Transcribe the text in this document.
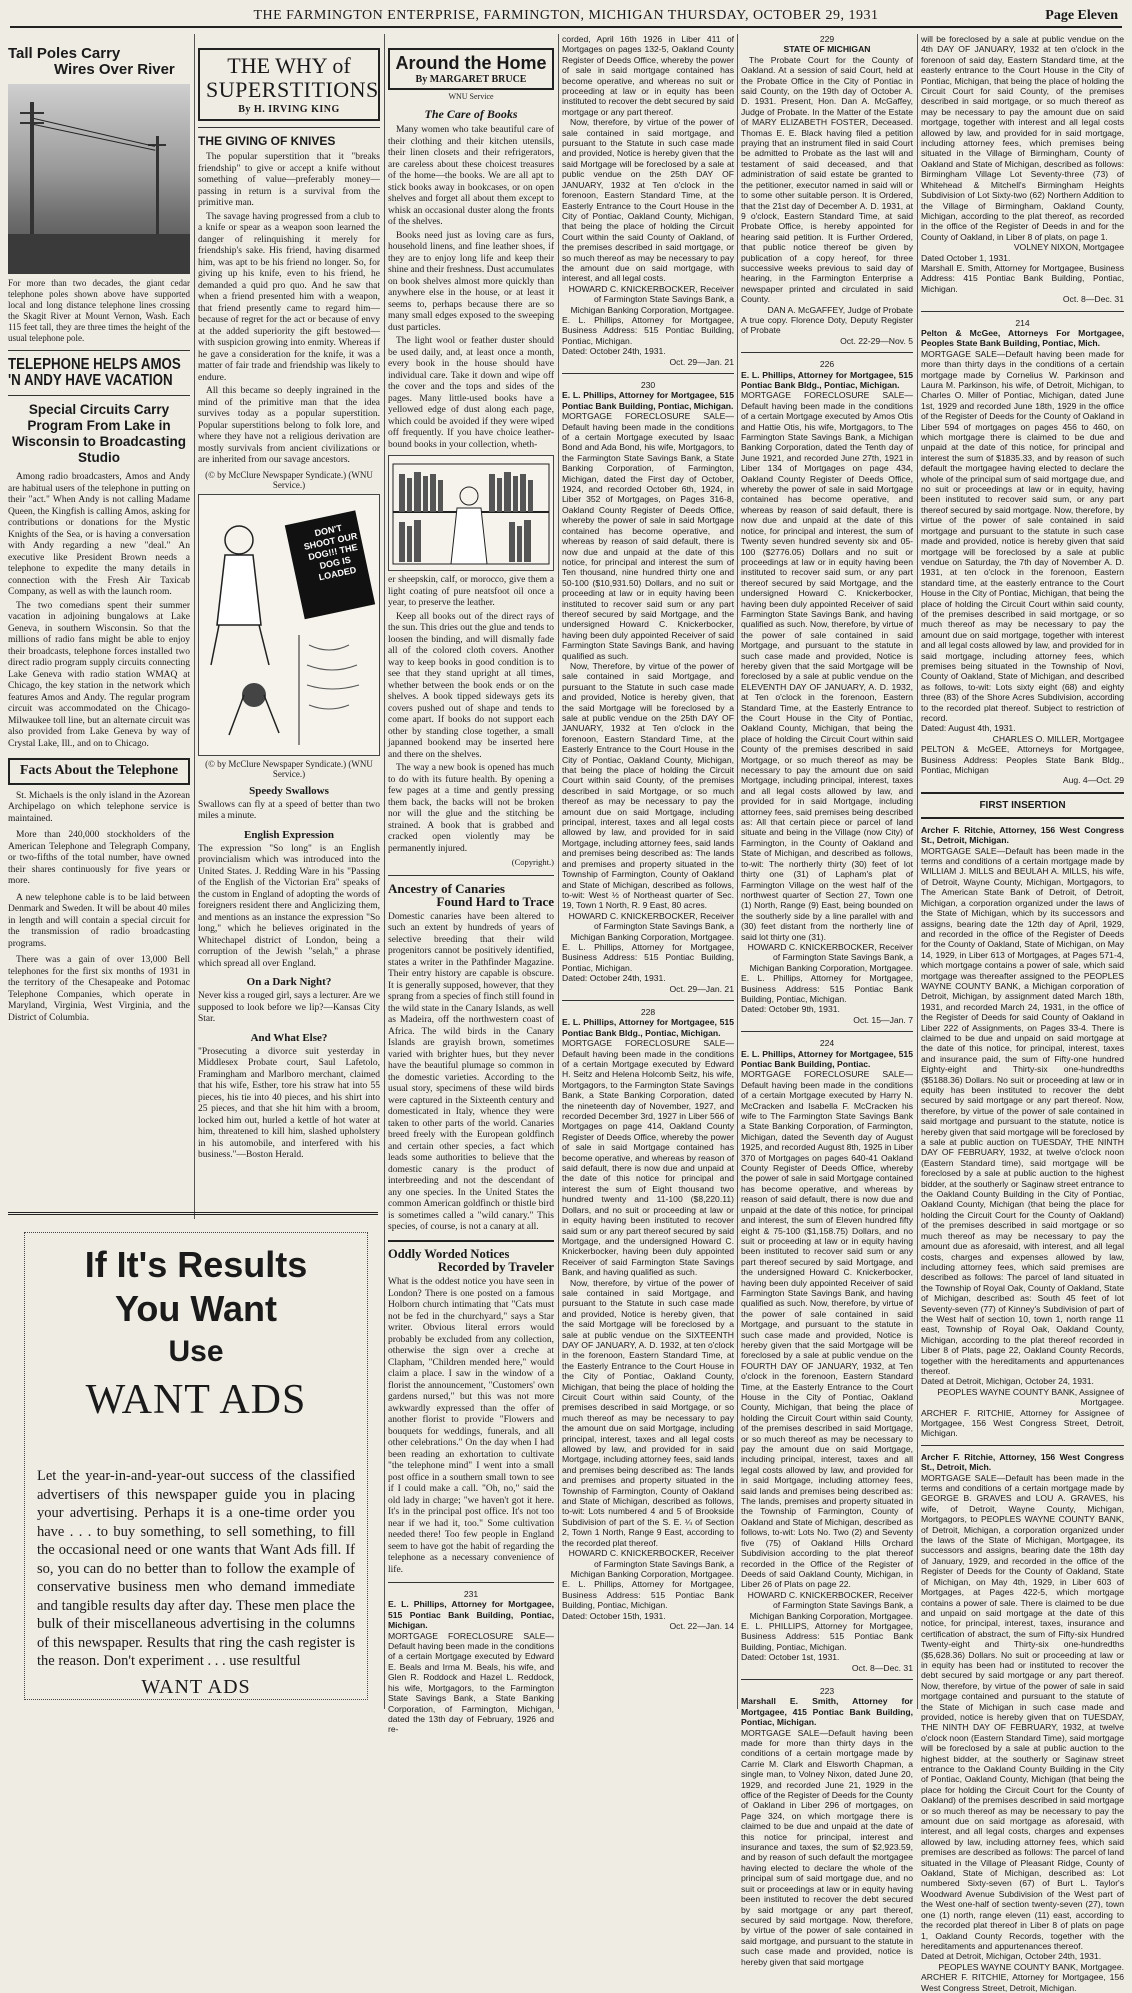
THE FARMINGTON ENTERPRISE, FARMINGTON, MICHIGAN THURSDAY, OCTOBER 29, 1931	Page Eleven
Tall Poles Carry
Wires Over River
For more than two decades, the giant cedar telephone poles shown above have supported local and long distance telephone lines crossing the Skagit River at Mount Vernon, Wash. Each 115 feet tall, they are three times the height of the usual telephone pole.
TELEPHONE HELPS AMOS
'N ANDY HAVE VACATION
Special Circuits Carry Program From Lake in Wisconsin to Broadcasting Studio

Among radio broadcasters, Amos and Andy are habitual users of the telephone in putting on their "act." When Andy is not calling Madame Queen, the Kingfish is calling Amos, asking for contributions or donations for the Mystic Knights of the Sea, or is having a conversation with Andy regarding a new "deal." An executive like President Brown needs a telephone to expedite the many details in connection with the Fresh Air Taxicab Company, as well as with the launch room.

The two comedians spent their summer vacation in adjoining bungalows at Lake Geneva, in southern Wisconsin. So that the millions of radio fans might be able to enjoy their broadcasts, telephone forces installed two direct radio program supply circuits connecting Lake Geneva with radio station WMAQ at Chicago, the key station in the network which features Amos and Andy. The regular program circuit was accommodated on the Chicago-Milwaukee toll line, but an alternate circuit was also provided from Lake Geneva by way of Crystal Lake, Ill., and on to Chicago.

Facts About the Telephone

St. Michaels is the only island in the Azorean Archipelago on which telephone service is maintained.

More than 240,000 stockholders of the American Telephone and Telegraph Company, or two-fifths of the total number, have owned their shares continuously for five years or more.

A new telephone cable is to be laid between Denmark and Sweden. It will be about 40 miles in length and will contain a special circuit for the transmission of radio broadcasting programs.

There was a gain of over 13,000 Bell telephones for the first six months of 1931 in the territory of the Chesapeake and Potomac Telephone Companies, which operate in Maryland, Virginia, West Virginia, and the District of Columbia.

THE WHY of
SUPERSTITIONS
By H. IRVING KING
THE GIVING OF KNIVES

The popular superstition that it "breaks friendship" to give or accept a knife without something of value—preferably money—passing in return is a survival from the primitive man.

The savage having progressed from a club to a knife or spear as a weapon soon learned the danger of relinquishing it merely for friendship's sake. His friend, having disarmed him, was apt to be his friend no longer. So, for giving up his knife, even to his friend, he demanded a quid pro quo. And he saw that when a friend presented him with a weapon, that friend presently came to regard him—because of regret for the act or because of envy at the added superiority the gift bestowed—with suspicion growing into enmity. Whereas if he gave a consideration for the knife, it was a matter of fair trade and friendship was likely to endure.

All this became so deeply ingrained in the mind of the primitive man that the idea survives today as a popular superstition. Popular superstitions belong to folk lore, and where they have not a religious derivation are mostly survivals from ancient civilizations or are inherited from our savage ancestors.

(© by McClure Newspaper Syndicate.) (WNU Service.)
DON'T SHOOT OUR DOG!!! THE DOG IS LOADED
(© by McClure Newspaper Syndicate.) (WNU Service.)
Speedy Swallows
Swallows can fly at a speed of better than two miles a minute.
English Expression
The expression "So long" is an English provincialism which was introduced into the United States. J. Redding Ware in his "Passing of the English of the Victorian Era" speaks of the custom in England of adopting the words of foreigners resident there and Anglicizing them, and mentions as an instance the expression "So long," which he believes originated in the Whitechapel district of London, being a corruption of the Jewish "selah," a phrase which spread all over England.
On a Dark Night?
Never kiss a rouged girl, says a lecturer. Are we supposed to look before we lip?—Kansas City Star.
And What Else?
"Prosecuting a divorce suit yesterday in Middlesex Probate court, Saul Lafetolo, Framingham and Marlboro merchant, claimed that his wife, Esther, tore his straw hat into 55 pieces, his tie into 40 pieces, and his shirt into 25 pieces, and that she hit him with a broom, locked him out, hurled a kettle of hot water at him, threatened to kill him, slashed upholstery in his automobile, and interfered with his business."—Boston Herald.
If It's Results
You Want
Use
WANT ADS
Let the year-in-and-year-out success of the classified advertisers of this newspaper guide you in placing your advertising. Perhaps it is a one-time order you have . . . to buy something, to sell something, to fill the occasional need or one wants that Want Ads fill. If so, you can do no better than to follow the example of conservative business men who demand immediate and tangible results day after day. These men place the bulk of their miscellaneous advertising in the columns of this newspaper. Results that ring the cash register is the reason. Don't experiment . . . use resultful
WANT ADS
Around the Home
By MARGARET BRUCE
WNU Service
The Care of Books

Many women who take beautiful care of their clothing and their kitchen utensils, their linen closets and their refrigerators, are careless about these choicest treasures of the home—the books. We are all apt to stick books away in bookcases, or on open shelves and forget all about them except to whisk an occasional duster along the fronts of the shelves.

Books need just as loving care as furs, household linens, and fine leather shoes, if they are to enjoy long life and keep their shine and their freshness. Dust accumulates on book shelves almost more quickly than anywhere else in the house, or at least it seems to, perhaps because there are so many small edges exposed to the sweeping dust particles.

The light wool or feather duster should be used daily, and, at least once a month, every book in the house should have individual care. Take it down and wipe off the cover and the tops and sides of the pages. Many little-used books have a yellowed edge of dust along each page, which could be avoided if they were wiped off frequently. If you have choice leather-bound books in your collection, wheth-

er sheepskin, calf, or morocco, give them a light coating of pure neatsfoot oil once a year, to preserve the leather.

Keep all books out of the direct rays of the sun. This dries out the glue and tends to loosen the binding, and will dismally fade all of the colored cloth covers. Another way to keep books in good condition is to see that they stand upright at all times, whether between the book ends or on the shelves. A book tipped sideways gets its covers pushed out of shape and tends to come apart. If books do not support each other by standing close together, a small japanned bookend may be inserted here and there on the shelves.

The way a new book is opened has much to do with its future health. By opening a few pages at a time and gently pressing them back, the backs will not be broken nor will the glue and the stitching be strained. A book that is grabbed and cracked open violently may be permanently injured.

(Copyright.)
Ancestry of Canaries
Found Hard to Trace
Domestic canaries have been altered to such an extent by hundreds of years of selective breeding that their wild progenitors cannot be positively identified, states a writer in the Pathfinder Magazine. Their entry history are capable is obscure. It is generally supposed, however, that they sprang from a species of finch still found in the wild state in the Canary Islands, as well as Madeira, off the northwestern coast of Africa. The wild birds in the Canary Islands are grayish brown, sometimes varied with brighter hues, but they never have the beautiful plumage so common in the domestic varieties. According to the usual story, specimens of these wild birds were captured in the Sixteenth century and domesticated in Italy, whence they were taken to other parts of the world. Canaries breed freely with the European goldfinch and certain other species, a fact which leads some authorities to believe that the domestic canary is the product of interbreeding and not the descendant of any one species. In the United States the common American goldfinch or thistle bird is sometimes called a "wild canary." This species, of course, is not a canary at all.
Oddly Worded Notices
Recorded by Traveler
What is the oddest notice you have seen in London? There is one posted on a famous Holborn church intimating that "Cats must not be fed in the churchyard," says a Star writer. Obvious literal errors would probably be excluded from any collection, otherwise the sign over a creche at Clapham, "Children mended here," would claim a place. I saw in the window of a florist the announcement, "Customers' own gardens nursed," but this was not more awkwardly expressed than the offer of another florist to provide "Flowers and bouquets for weddings, funerals, and all other celebrations." On the day when I had been reading an exhortation to cultivate "the telephone mind" I went into a small post office in a southern small town to see if I could make a call. "Oh, no," said the old lady in charge; "we haven't got it here. It's in the principal post office. It's not too near if we had it, too." Some cultivation needed there! Too few people in England seem to have got the habit of regarding the telephone as a necessary convenience of life.
231
E. L. Phillips, Attorney for Mortgagee, 515 Pontiac Bank Building, Pontiac, Michigan.
MORTGAGE FORECLOSURE SALE—Default having been made in the conditions of a certain Mortgage executed by Edward E. Beals and Irma M. Beals, his wife, and Glen R. Roddock and Hazel L. Reddock, his wife, Mortgagors, to the Farmington State Savings Bank, a State Banking Corporation, of Farmington, Michigan, dated the 13th day of February, 1926 and re-
corded, April 16th 1926 in Liber 411 of Mortgages on pages 132-5, Oakland County Register of Deeds Office, whereby the power of sale in said mortgage contained has become operative, and whereas no suit or proceeding at law or in equity has been instituted to recover the debt secured by said mortgage or any part thereof.
Now, therefore, by virtue of the power of sale contained in said mortgage, and pursuant to the Statute in such case made and provided, Notice is hereby given that the said Mortgage will be foreclosed by a sale at public vendue on the 25th DAY OF JANUARY, 1932 at Ten o'clock in the forenoon, Eastern Standard Time, at the Easterly Entrance to the Court House in the City of Pontiac, Oakland County, Michigan, that being the place of holding the Circuit Court within the said County of Oakland, of the premises described in said mortgage, or so much thereof as may be necessary to pay the amount due on said mortgage, with interest, and all legal costs.
HOWARD C. KNICKERBOCKER, Receiver of Farmington State Savings Bank, a Michigan Banking Corporation, Mortgagee.
E. L. Phillips, Attorney for Mortgagee, Business Address: 515 Pontiac Building, Pontiac, Michigan.
Dated: October 24th, 1931.
Oct. 29—Jan. 21
230
E. L. Phillips, Attorney for Mortgagee, 515 Pontiac Bank Building, Pontiac, Michigan.
MORTGAGE FORECLOSURE SALE—Default having been made in the conditions of a certain Mortgage executed by Isaac Bond and Ada Bond, his wife, Mortgagors, to the Farmington State Savings Bank, a State Banking Corporation, of Farmington, Michigan, dated the First day of October, 1924, and recorded October 6th, 1924, in Liber 352 of Mortgages, on Pages 316-8, Oakland County Register of Deeds Office, whereby the power of sale in said Mortgage contained has become operative, and whereas by reason of said default, there is now due and unpaid at the date of this notice, for principal and interest the sum of Ten thousand, nine hundred thirty one and 50-100 ($10,931.50) Dollars, and no suit or proceeding at law or in equity having been instituted to recover said sum or any part thereof secured by said Mortgage, and the undersigned Howard C. Knickerbocker, having been duly appointed Receiver of said Farmington State Savings Bank, and having qualified as such.
Now, Therefore, by virtue of the power of sale contained in said Mortgage, and pursuant to the Statute in such case made and provided, Notice is hereby given, that the said Mortgage will be foreclosed by a sale at public vendue on the 25th DAY OF JANUARY, 1932 at Ten o'clock in the forenoon, Eastern Standard Time, at the Easterly Entrance to the Court House in the City of Pontiac, Oakland County, Michigan, that being the place of holding the Circuit Court within said County, of the premises described in said Mortgage, or so much thereof as may be necessary to pay the amount due on said Mortgage, including principal, interest, taxes and all legal costs allowed by law, and provided for in said Mortgage, including attorney fees, said lands and premises being described as: The lands and premises and property situated in the Township of Farmington, County of Oakland and State of Michigan, described as follows, to-wit: West ½ of Northeast quarter of Sec. 19, Town 1 North, R. 9 East, 80 acres.
HOWARD C. KNICKERBOCKER, Receiver of Farmington State Savings Bank, a Michigan Banking Corporation, Mortgagee.
E. L. Phillips, Attorney for Mortgagee, Business Address: 515 Pontiac Building, Pontiac, Michigan.
Dated: October 24th, 1931.
Oct. 29—Jan. 21
228
E. L. Phillips, Attorney for Mortgagee, 515 Pontiac Bank Bldg., Pontiac, Michigan.
MORTGAGE FORECLOSURE SALE—Default having been made in the conditions of a certain Mortgage executed by Edward H. Seitz and Helena Holcomb Seitz, his wife, Mortgagors, to the Farmington State Savings Bank, a State Banking Corporation, dated the nineteenth day of November, 1927, and recorded December 3rd, 1927 in Liber 566 of Mortgages on page 414, Oakland County Register of Deeds Office, whereby the power of sale in said Mortgage contained has become operative, and whereas by reason of said default, there is now due and unpaid at the date of this notice for principal and interest the sum of Eight thousand two hundred twenty and 11-100 ($8,220.11) Dollars, and no suit or proceeding at law or in equity having been instituted to recover said sum or any part thereof secured by said Mortgage, and the undersigned Howard C. Knickerbocker, having been duly appointed Receiver of said Farmington State Savings Bank, and having qualified as such.
Now, therefore, by virtue of the power of sale contained in said Mortgage, and pursuant to the Statute in such case made and provided, Notice is hereby given, that the said Mortgage will be foreclosed by a sale at public vendue on the SIXTEENTH DAY OF JANUARY, A. D. 1932, at ten o'clock in the forenoon, Eastern Standard Time, at the Easterly Entrance to the Court House in the City of Pontiac, Oakland County, Michigan, that being the place of holding the Circuit Court within said County, of the premises described in said Mortgage, or so much thereof as may be necessary to pay the amount due on said Mortgage, including principal, interest, taxes and all legal costs allowed by law, and provided for in said Mortgage, including attorney fees, said lands and premises being described as: The lands and premises and property situated in the Township of Farmington, County of Oakland and State of Michigan, described as follows, to-wit: Lots numbered 4 and 5 of Brookside Subdivision of part of the S. E. ¼ of Section 2, Town 1 North, Range 9 East, according to the recorded plat thereof.
HOWARD C. KNICKERBOCKER, Receiver of Farmington State Savings Bank, a Michigan Banking Corporation, Mortgagee.
E. L. Phillips, Attorney for Mortgagee, Business Address: 515 Pontiac Bank Building, Pontiac, Michigan.
Dated: October 15th, 1931.
Oct. 22—Jan. 14
229
STATE OF MICHIGAN
The Probate Court for the County of Oakland. At a session of said Court, held at the Probate Office in the City of Pontiac in said County, on the 19th day of October A. D. 1931. Present, Hon. Dan A. McGaffey, Judge of Probate. In the Matter of the Estate of MARY ELIZABETH FOSTER, Deceased. Thomas E. E. Black having filed a petition praying that an instrument filed in said Court be admitted to Probate as the last will and testament of said deceased, and that administration of said estate be granted to the petitioner, executor named in said will or to some other suitable person. It is Ordered, that the 21st day of December A. D. 1931, at 9 o'clock, Eastern Standard Time, at said Probate Office, is hereby appointed for hearing said petition. It is Further Ordered, that public notice thereof be given by publication of a copy hereof, for three successive weeks previous to said day of hearing, in the Farmington Enterprise a newspaper printed and circulated in said County.
DAN A. McGAFFEY, Judge of Probate
A true copy. Florence Doty, Deputy Register of Probate
Oct. 22-29—Nov. 5
226
E. L. Phillips, Attorney for Mortgagee, 515 Pontiac Bank Bldg., Pontiac, Michigan.
MORTGAGE FORECLOSURE SALE—Default having been made in the conditions of a certain Mortgage executed by Amos Otis and Hattie Otis, his wife, Mortgagors, to The Farmington State Savings Bank, a Michigan Banking Corporation, dated the Tenth day of June 1921, and recorded June 27th, 1921 in Liber 134 of Mortgages on page 434, Oakland County Register of Deeds Office, whereby the power of sale in said Mortgage contained has become operative, and whereas by reason of said default, there is now due and unpaid at the date of this notice, for principal and interest, the sum of Twenty seven hundred seventy six and 05-100 ($2776.05) Dollars and no suit or proceedings at law or in equity having been instituted to recover said sum, or any part thereof secured by said Mortgage, and the undersigned Howard C. Knickerbocker, having been duly appointed Receiver of said Farmington State Savings Bank, and having qualified as such. Now, therefore, by virtue of the power of sale contained in said Mortgage, and pursuant to the statute in such case made and provided, Notice is hereby given that the said Mortgage will be foreclosed by a sale at public vendue on the ELEVENTH DAY OF JANUARY, A. D. 1932, at Ten o'clock in the forenoon, Eastern Standard Time, at the Easterly Entrance to the Court House in the City of Pontiac, Oakland County, Michigan, that being the place of holding the Circuit Court within said County of the premises described in said Mortgage, or so much thereof as may be necessary to pay the amount due on said Mortgage, including principal, interest, taxes and all legal costs allowed by law, and provided for in said Mortgage, including attorney fees, said premises being described as: All that certain piece or parcel of land situate and being in the Village (now City) of Farmington, in the County of Oakland and State of Michigan, and described as follows, to-wit: The northerly thirty (30) feet of lot thirty one (31) of Lapham's plat of Farmington Village on the west half of the northwest quarter of Section 27, Town one (1) North, Range (9) East, being bounded on the southerly side by a line parallel with and (30) feet distant from the northerly line of said lot thirty one (31).
HOWARD C. KNICKERBOCKER, Receiver of Farmington State Savings Bank, a Michigan Banking Corporation, Mortgagee.
E. L. Phillips, Attorney for Mortgagee, Business Address: 515 Pontiac Bank Building, Pontiac, Michigan.
Dated: October 9th, 1931.
Oct. 15—Jan. 7
224
E. L. Phillips, Attorney for Mortgagee, 515 Pontiac Bank Building, Pontiac.
MORTGAGE FORECLOSURE SALE—Default having been made in the conditions of a certain Mortgage executed by Harry N. McCracken and Isabella F. McCracken his wife to The Farmington State Savings Bank a State Banking Corporation, of Farmington, Michigan, dated the Seventh day of August 1925, and recorded August 8th, 1925 in Liber 370 of Mortgages on pages 640-41 Oakland County Register of Deeds Office, whereby the power of sale in said Mortgage contained has become operative, and whereas by reason of said default, there is now due and unpaid at the date of this notice, for principal and interest, the sum of Eleven hundred fifty eight & 75-100 ($1,158.75) Dollars, and no suit or proceeding at law or in equity having been instituted to recover said sum or any part thereof secured by said Mortgage, and the undersigned Howard C. Knickerbocker, having been duly appointed Receiver of said Farmington State Savings Bank, and having qualified as such. Now, therefore, by virtue of the power of sale contained in said Mortgage, and pursuant to the statute in such case made and provided, Notice is hereby given that the said Mortgage will be foreclosed by a sale at public vendue on the FOURTH DAY OF JANUARY, 1932, at Ten o'clock in the forenoon, Eastern Standard Time, at the Easterly Entrance to the Court House in the City of Pontiac, Oakland County, Michigan, that being the place of holding the Circuit Court within said County, of the premises described in said Mortgage, or so much thereof as may be necessary to pay the amount due on said Mortgage, including principal, interest, taxes and all legal costs allowed by law, and provided for in said Mortgage, including attorney fees, said lands and premises being described as: The lands, premises and property situated in the Township of Farmington, County of Oakland and State of Michigan, described as follows, to-wit: Lots No. Two (2) and Seventy five (75) of Oakland Hills Orchard Subdivision according to the plat thereof recorded in the Office of the Register of Deeds of said Oakland County, Michigan, in Liber 26 of Plats on page 22.
HOWARD C. KNICKERBOCKER, Receiver of Farmington State Savings Bank, a Michigan Banking Corporation, Mortgagee.
E. L. PHILLIPS, Attorney for Mortgagee, Business Address: 515 Pontiac Bank Building, Pontiac, Michigan.
Dated: October 1st, 1931.
Oct. 8—Dec. 31
223
Marshall E. Smith, Attorney for Mortgagee, 415 Pontiac Bank Building, Pontiac, Michigan.
MORTGAGE SALE—Default having been made for more than thirty days in the conditions of a certain mortgage made by Carrie M. Clark and Elsworth Chapman, a single man, to Volney Nixon, dated June 20, 1929, and recorded June 21, 1929 in the office of the Register of Deeds for the County of Oakland in Liber 296 of mortgages, on Page 324, on which mortgage there is claimed to be due and unpaid at the date of this notice for principal, interest and insurance and taxes, the sum of $2,923.59, and by reason of such default the mortgagee having elected to declare the whole of the principal sum of said mortgage due, and no suit or proceedings at law or in equity having been instituted to recover the debt secured by said mortgage or any part thereof, secured by said mortgage. Now, therefore, by virtue of the power of sale contained in said mortgage, and pursuant to the statute in such case made and provided, notice is hereby given that said mortgage
will be foreclosed by a sale at public vendue on the 4th DAY OF JANUARY, 1932 at ten o'clock in the forenoon of said day, Eastern Standard time, at the easterly entrance to the Court House in the City of Pontiac, Michigan, that being the place of holding the Circuit Court for said County, of the premises described in said mortgage, or so much thereof as may be necessary to pay the amount due on said mortgage, together with interest and all legal costs allowed by law, and provided for in said mortgage, including attorney fees, which premises being situated in the Village of Birmingham, County of Oakland and State of Michigan, described as follows: Birmingham Village Lot Seventy-three (73) of Whitehead & Mitchell's Birmingham Heights Subdivision of Lot Sixty-two (62) Northern Addition to the Village of Birmingham, Oakland County, Michigan, according to the plat thereof, as recorded in the office of the Register of Deeds in and for the County of Oakland, in Liber 8 of plats, on page 1.
VOLNEY NIXON, Mortgagee
Dated October 1, 1931.
Marshall E. Smith, Attorney for Mortgagee, Business Address: 415 Pontiac Bank Building, Pontiac, Michigan.
Oct. 8—Dec. 31
214
Pelton & McGee, Attorneys For Mortgagee, Peoples State Bank Building, Pontiac, Mich.
MORTGAGE SALE—Default having been made for more than thirty days in the conditions of a certain mortgage made by Cornelius W. Parkinson and Laura M. Parkinson, his wife, of Detroit, Michigan, to Charles O. Miller of Pontiac, Michigan, dated June 1st, 1929 and recorded June 18th, 1929 in the office of the Register of Deeds for the County of Oakland in Liber 594 of mortgages on pages 456 to 460, on which mortgage there is claimed to be due and unpaid at the date of this notice, for principal and interest the sum of $1835.33, and by reason of such default the mortgagee having elected to declare the whole of the principal sum of said mortgage due, and no suit or proceedings at law or in equity, having been instituted to recover said sum, or any part thereof secured by said mortgage. Now, therefore, by virtue of the power of sale contained in said mortgage and pursuant to the statute in such case made and provided, notice is hereby given that said mortgage will be foreclosed by a sale at public vendue on Saturday, the 7th day of November A. D. 1931, at ten o'clock in the forenoon, Eastern standard time, at the easterly entrance to the Court House in the City of Pontiac, Michigan, that being the place of holding the Circuit Court within said county, of the premises described in said mortgage, or so much thereof as may be necessary to pay the amount due on said mortgage, together with interest and all legal costs allowed by law, and provided for in said mortgage, including attorney fees, which premises being situated in the Township of Novi, County of Oakland, State of Michigan, and described as follows, to-wit: Lots sixty eight (68) and eighty three (83) of the Shore Acres Subdivision, according to the recorded plat thereof. Subject to restriction of record.
Dated: August 4th, 1931.
CHARLES O. MILLER, Mortgagee
PELTON & McGEE, Attorneys for Mortgagee, Business Address: Peoples State Bank Bldg., Pontiac, Michigan
Aug. 4—Oct. 29
FIRST INSERTION
Archer F. Ritchie, Attorney, 156 West Congress St., Detroit, Michigan.
MORTGAGE SALE—Default has been made in the terms and conditions of a certain mortgage made by WILLIAM J. MILLS and BEULAH A. MILLS, his wife, of Detroit, Wayne County, Michigan, Mortgagors, to The American State Bank of Detroit, of Detroit, Michigan, a corporation organized under the laws of the State of Michigan, which by its successors and assigns, bearing date the 12th day of April, 1929, and recorded in the office of the Register of Deeds for the County of Oakland, State of Michigan, on May 14, 1929, in Liber 613 of Mortgages, at Pages 571-4, which mortgage contains a power of sale, which said mortgage was thereafter assigned to the PEOPLES WAYNE COUNTY BANK, a Michigan corporation of Detroit, Michigan, by assignment dated March 18th, 1931, and recorded March 24, 1931, in the office of the Register of Deeds for said County of Oakland in Liber 222 of Assignments, on Pages 33-4. There is claimed to be due and unpaid on said mortgage at the date of this notice, for principal, interest, taxes and insurance paid, the sum of Fifty-one hundred Eighty-eight and Thirty-six one-hundredths ($5188.36) Dollars. No suit or proceeding at law or in equity has been instituted to recover the debt secured by said mortgage or any part thereof. Now, therefore, by virtue of the power of sale contained in said mortgage and pursuant to the statute, notice is hereby given that said mortgage will be foreclosed by a sale at public auction on TUESDAY, THE NINTH DAY OF FEBRUARY, 1932, at twelve o'clock noon (Eastern Standard time), said mortgage will be foreclosed by a sale at public auction to the highest bidder, at the southerly or Saginaw street entrance to the Oakland County Building in the City of Pontiac, Oakland County, Michigan (that being the place for holding the Circuit Court for the County of Oakland) of the premises described in said mortgage or so much thereof as may be necessary to pay the amount due as aforesaid, with interest, and all legal costs, charges and expenses allowed by law, including attorney fees, which said premises are described as follows: The parcel of land situated in the Township of Royal Oak, County of Oakland, State of Michigan, described as: South 45 feet of lot Seventy-seven (77) of Kinney's Subdivision of part of the West half of section 10, town 1, north range 11 east, Township of Royal Oak, Oakland County, Michigan, according to the plat thereof recorded in Liber 8 of Plats, page 22, Oakland County Records, together with the hereditaments and appurtenances thereof.
Dated at Detroit, Michigan, October 24, 1931.
PEOPLES WAYNE COUNTY BANK, Assignee of Mortgagee.
ARCHER F. RITCHIE, Attorney for Assignee of Mortgagee, 156 West Congress Street, Detroit, Michigan.
Archer F. Ritchie, Attorney, 156 West Congress St., Detroit, Mich.
MORTGAGE SALE—Default has been made in the terms and conditions of a certain mortgage made by GEORGE B. GRAVES and LOU A. GRAVES, his wife, of Detroit, Wayne County, Michigan, Mortgagors, to PEOPLES WAYNE COUNTY BANK, of Detroit, Michigan, a corporation organized under the laws of the State of Michigan, Mortgagee, its successors and assigns, bearing date the 18th day of January, 1929, and recorded in the office of the Register of Deeds for the County of Oakland, State of Michigan, on May 4th, 1929, in Liber 603 of Mortgages, at Pages 422-5, which mortgage contains a power of sale. There is claimed to be due and unpaid on said mortgage at the date of this notice, for principal, interest, taxes, insurance and certification of abstract, the sum of Fifty-six Hundred Twenty-eight and Thirty-six one-hundredths ($5,628.36) Dollars. No suit or proceeding at law or in equity has been had or instituted to recover the debt secured by said mortgage or any part thereof. Now, therefore, by virtue of the power of sale in said mortgage contained and pursuant to the statute of the State of Michigan in such case made and provided, notice is hereby given that on TUESDAY, THE NINTH DAY OF FEBRUARY, 1932, at twelve o'clock noon (Eastern Standard Time), said mortgage will be foreclosed by a sale at public auction to the highest bidder, at the southerly or Saginaw street entrance to the Oakland County Building in the City of Pontiac, Oakland County, Michigan (that being the place for holding the Circuit Court for the County of Oakland) of the premises described in said mortgage or so much thereof as may be necessary to pay the amount due on said mortgage as aforesaid, with interest, and all legal costs, charges and expenses allowed by law, including attorney fees, which said premises are described as follows: The parcel of land situated in the Village of Pleasant Ridge, County of Oakland, State of Michigan, described as: Lot numbered Sixty-seven (67) of Burt L. Taylor's Woodward Avenue Subdivision of the West part of the West one-half of section twenty-seven (27), town one (1) north, range eleven (11) east, according to the recorded plat thereof in Liber 8 of plats on page 1, Oakland County Records, together with the hereditaments and appurtenances thereof.
Dated at Detroit, Michigan, October 24th, 1931.
PEOPLES WAYNE COUNTY BANK, Mortgagee.
ARCHER F. RITCHIE, Attorney for Mortgagee, 156 West Congress Street, Detroit, Michigan.
